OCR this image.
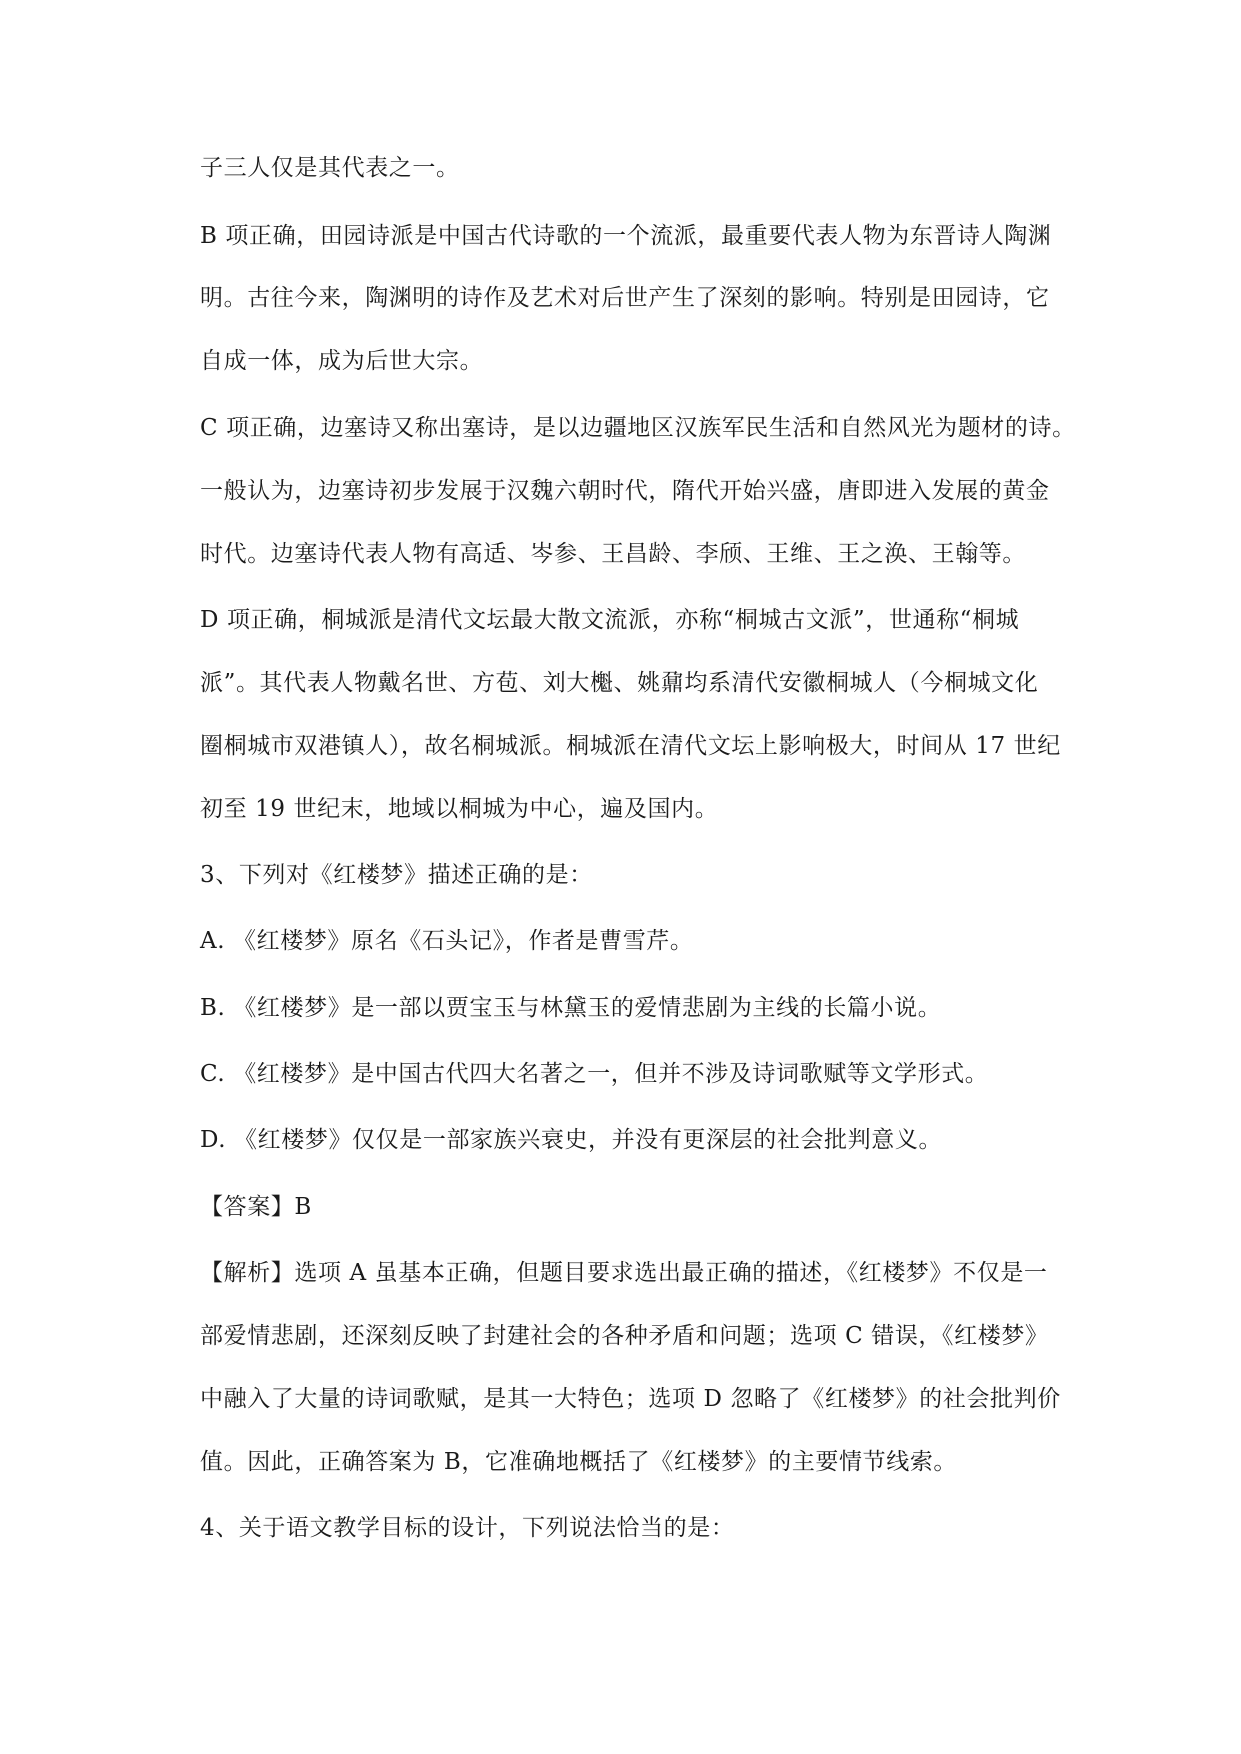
子三人仅是其代表之一。
B 项正确，田园诗派是中国古代诗歌的一个流派，最重要代表人物为东晋诗人陶渊
明。古往今来，陶渊明的诗作及艺术对后世产生了深刻的影响。特别是田园诗，它
自成一体，成为后世大宗。
C 项正确，边塞诗又称出塞诗，是以边疆地区汉族军民生活和自然风光为题材的诗。
一般认为，边塞诗初步发展于汉魏六朝时代，隋代开始兴盛，唐即进入发展的黄金
时代。边塞诗代表人物有高适、岑参、王昌龄、李颀、王维、王之涣、王翰等。
D 项正确，桐城派是清代文坛最大散文流派，亦称“桐城古文派”，世通称“桐城
派”。其代表人物戴名世、方苞、刘大櫆、姚鼐均系清代安徽桐城人（今桐城文化
圈桐城市双港镇人），故名桐城派。桐城派在清代文坛上影响极大，时间从 17 世纪
初至 19 世纪末，地域以桐城为中心，遍及国内。
3、下列对《红楼梦》描述正确的是：
A. 《红楼梦》原名《石头记》，作者是曹雪芹。
B. 《红楼梦》是一部以贾宝玉与林黛玉的爱情悲剧为主线的长篇小说。
C. 《红楼梦》是中国古代四大名著之一，但并不涉及诗词歌赋等文学形式。
D. 《红楼梦》仅仅是一部家族兴衰史，并没有更深层的社会批判意义。
【答案】B
【解析】选项 A 虽基本正确，但题目要求选出最正确的描述，《红楼梦》不仅是一
部爱情悲剧，还深刻反映了封建社会的各种矛盾和问题；选项 C 错误，《红楼梦》
中融入了大量的诗词歌赋，是其一大特色；选项 D 忽略了《红楼梦》的社会批判价
值。因此，正确答案为 B，它准确地概括了《红楼梦》的主要情节线索。
4、关于语文教学目标的设计，下列说法恰当的是：
